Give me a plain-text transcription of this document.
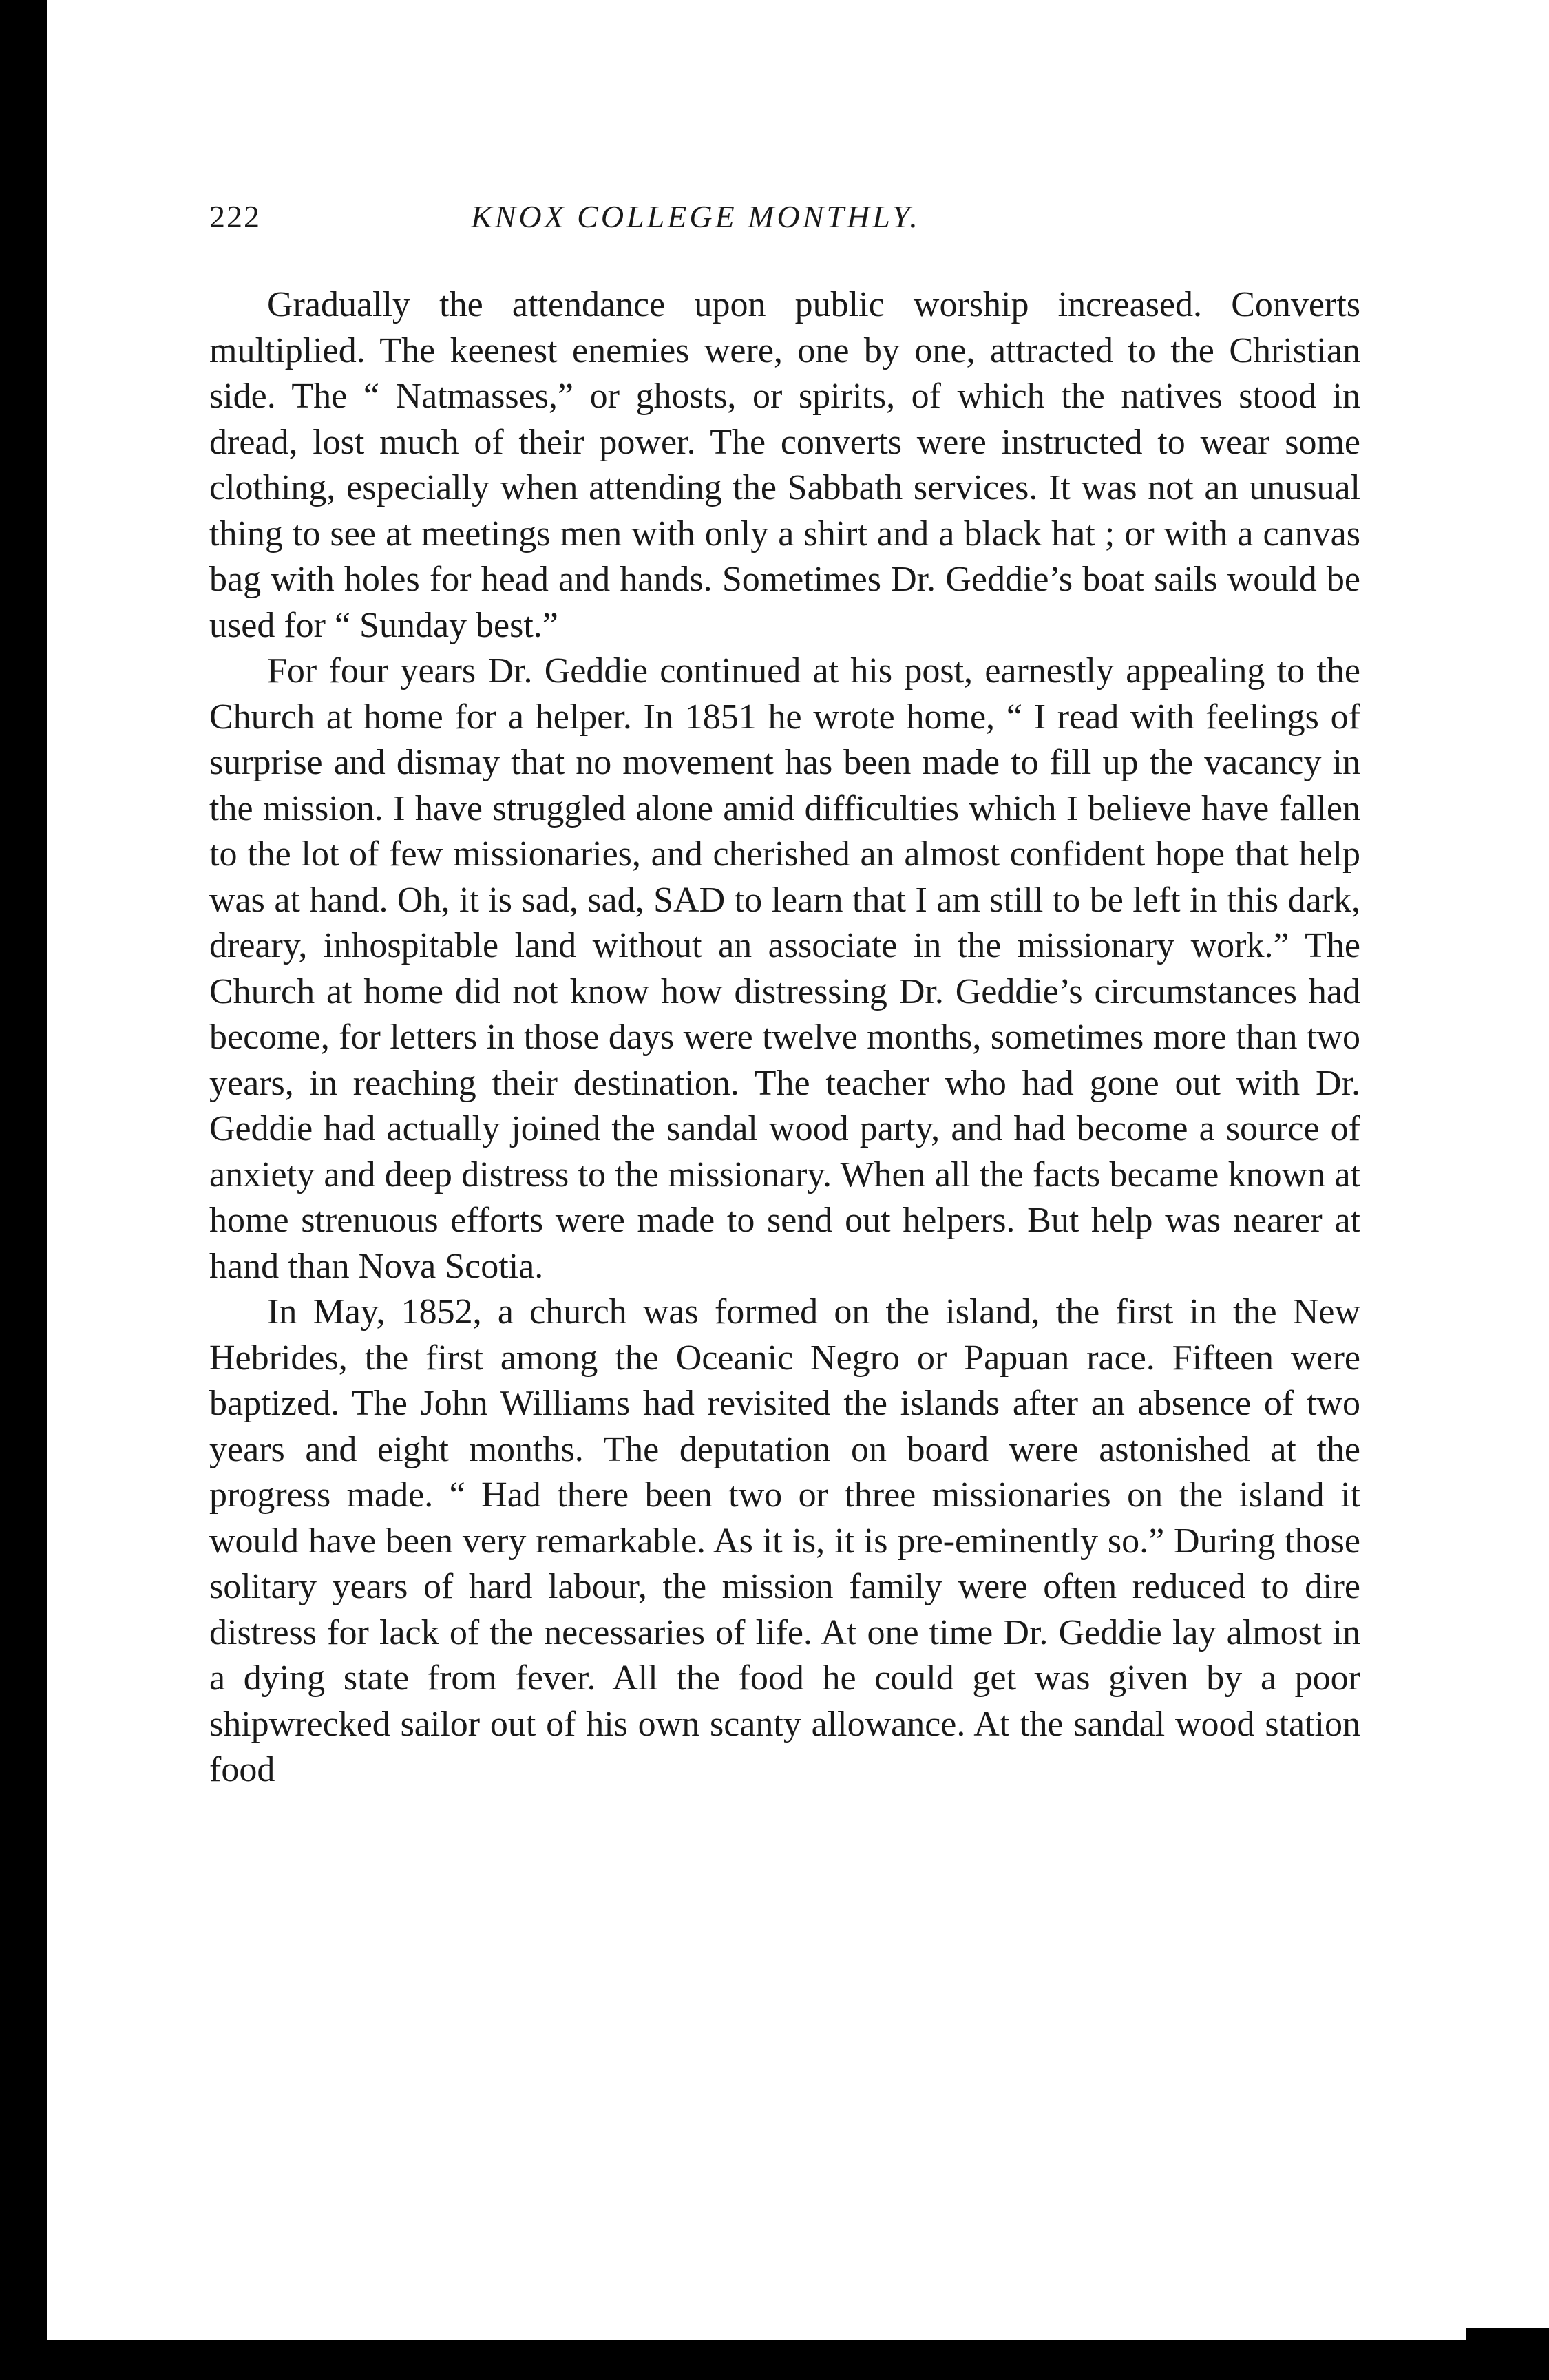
222	KNOX COLLEGE MONTHLY.

Gradually the attendance upon public worship increased. Converts multiplied. The keenest enemies were, one by one, attracted to the Christian side. The “ Natmasses,” or ghosts, or spirits, of which the natives stood in dread, lost much of their power. The converts were instructed to wear some clothing, especially when attending the Sabbath services. It was not an unusual thing to see at meetings men with only a shirt and a black hat ; or with a canvas bag with holes for head and hands. Sometimes Dr. Geddie’s boat sails would be used for “ Sunday best.”

For four years Dr. Geddie continued at his post, earnestly appealing to the Church at home for a helper. In 1851 he wrote home, “ I read with feelings of surprise and dismay that no movement has been made to fill up the vacancy in the mission. I have struggled alone amid difficulties which I believe have fallen to the lot of few missionaries, and cherished an almost confident hope that help was at hand. Oh, it is sad, sad, SAD to learn that I am still to be left in this dark, dreary, inhospitable land without an associate in the missionary work.” The Church at home did not know how distressing Dr. Geddie’s circumstances had become, for letters in those days were twelve months, sometimes more than two years, in reaching their destination. The teacher who had gone out with Dr. Geddie had actually joined the sandal wood party, and had become a source of anxiety and deep distress to the missionary. When all the facts became known at home strenuous efforts were made to send out helpers. But help was nearer at hand than Nova Scotia.

In May, 1852, a church was formed on the island, the first in the New Hebrides, the first among the Oceanic Negro or Papuan race. Fifteen were baptized. The John Williams had revisited the islands after an absence of two years and eight months. The deputation on board were astonished at the progress made. “ Had there been two or three missionaries on the island it would have been very remarkable. As it is, it is pre-eminently so.” During those solitary years of hard labour, the mission family were often reduced to dire distress for lack of the necessaries of life. At one time Dr. Geddie lay almost in a dying state from fever. All the food he could get was given by a poor shipwrecked sailor out of his own scanty allowance. At the sandal wood station food
